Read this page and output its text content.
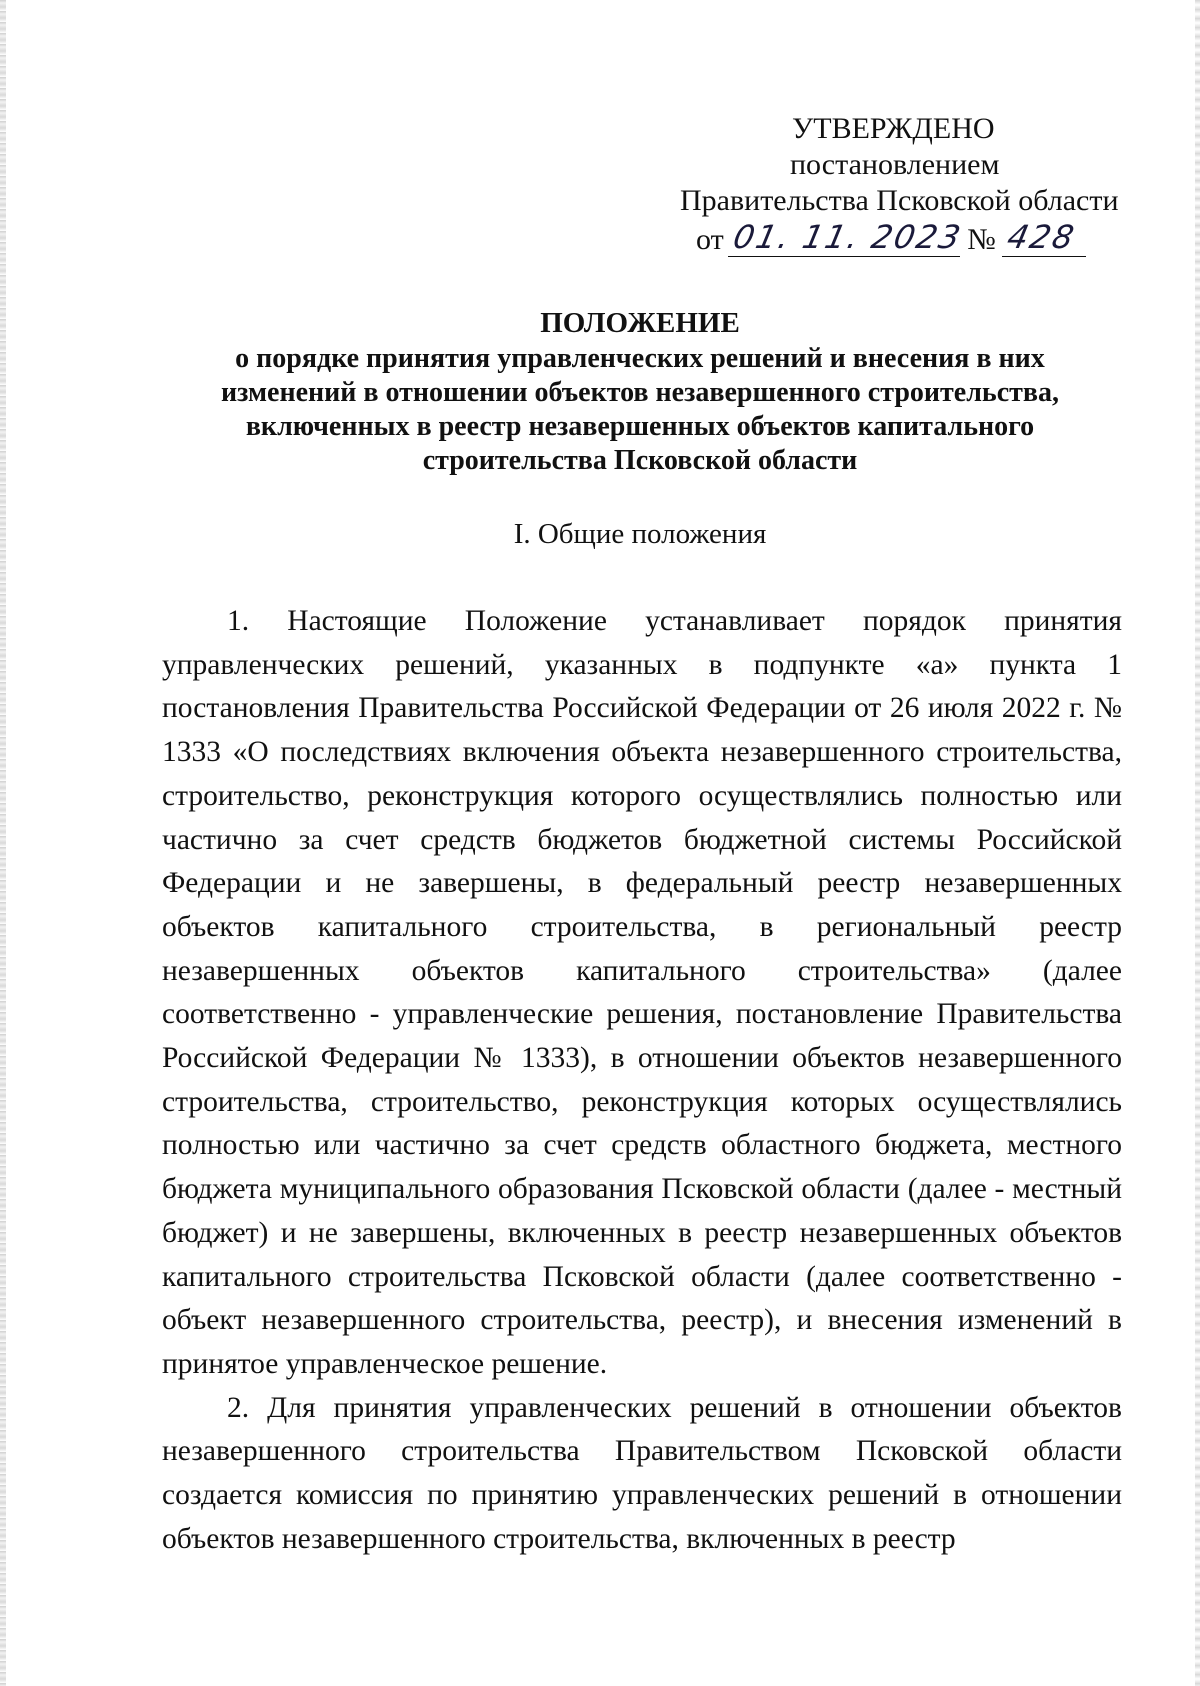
УТВЕРЖДЕНО
постановлением
Правительства Псковской области
от 01. 11. 2023 № 428
ПОЛОЖЕНИЕ
о порядке принятия управленческих решений и внесения в них
изменений в отношении объектов незавершенного строительства,
включенных в реестр незавершенных объектов капитального
строительства Псковской области
I. Общие положения

1. Настоящие Положение устанавливает порядок принятия управленческих решений, указанных в подпункте «а» пункта 1 постановления Правительства Российской Федерации от 26 июля 2022 г. № 1333 «О последствиях включения объекта незавершенного строительства, строительство, реконструкция которого осуществлялись полностью или частично за счет средств бюджетов бюджетной системы Российской Федерации и не завершены, в федеральный реестр незавершенных объектов капитального строительства, в региональный реестр незавершенных объектов капитального строительства» (далее соответственно - управленческие решения, постановление Правительства Российской Федерации № 1333), в отношении объектов незавершенного строительства, строительство, реконструкция которых осуществлялись полностью или частично за счет средств областного бюджета, местного бюджета муниципального образования Псковской области (далее - местный бюджет) и не завершены, включенных в реестр незавершенных объектов капитального строительства Псковской области (далее соответственно - объект незавершенного строительства, реестр), и внесения изменений в принятое управленческое решение.

2. Для принятия управленческих решений в отношении объектов незавершенного строительства Правительством Псковской области создается комиссия по принятию управленческих решений в отношении объектов незавершенного строительства, включенных в реестр
